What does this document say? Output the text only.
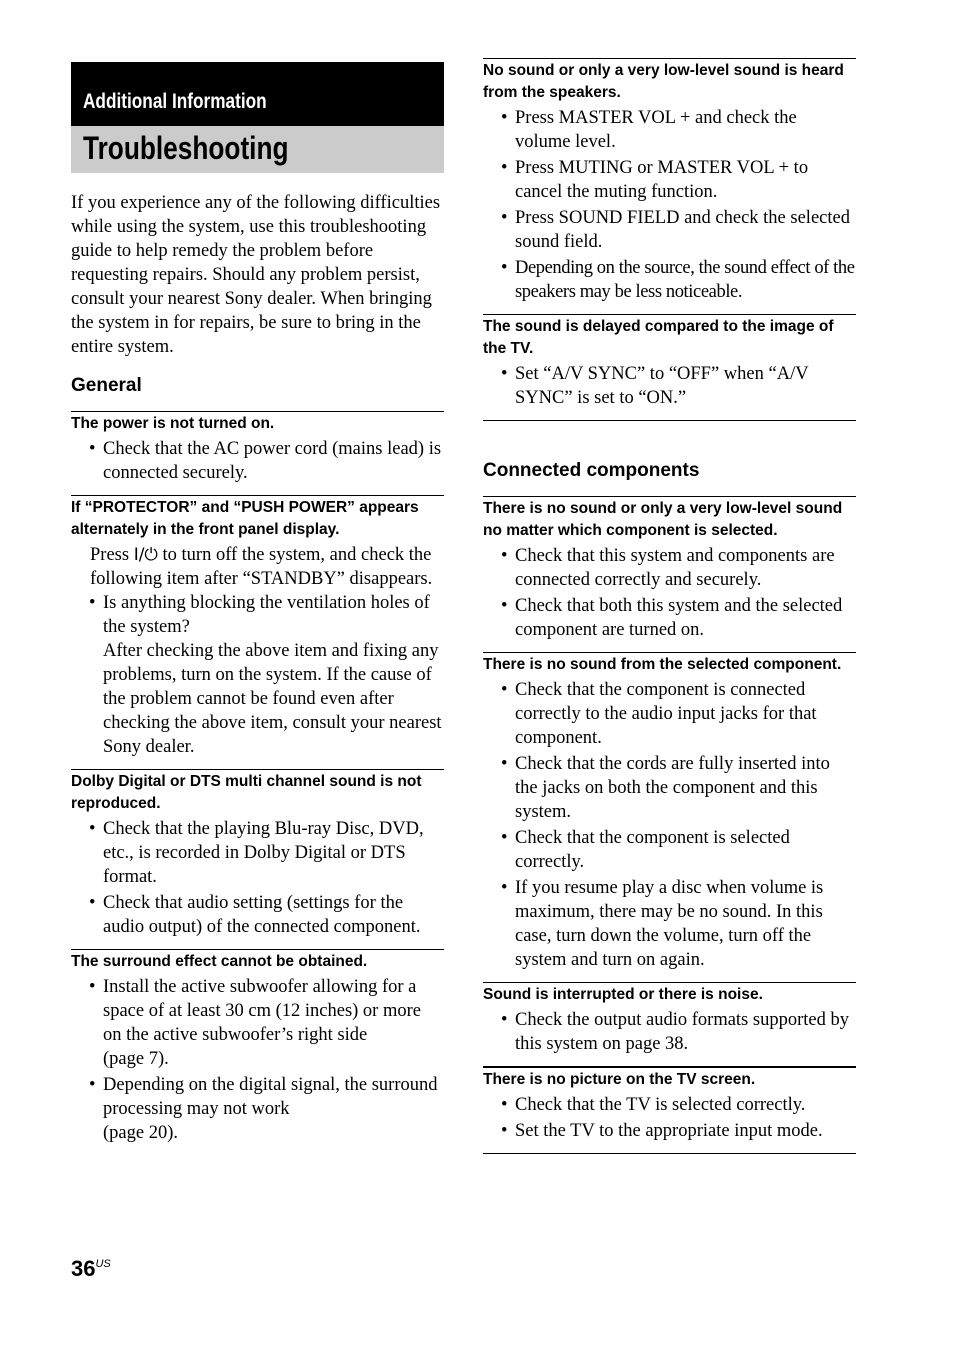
Additional Information
Troubleshooting
If you experience any of the following difficulties while using the system, use this troubleshooting guide to help remedy the problem before requesting repairs. Should any problem persist, consult your nearest Sony dealer. When bringing the system in for repairs, be sure to bring in the entire system.
General
The power is not turned on.
• Check that the AC power cord (mains lead) is connected securely.
If “PROTECTOR” and “PUSH POWER” appears alternately in the front panel display.
Press I/⏻ to turn off the system, and check the following item after “STANDBY” disappears.
• Is anything blocking the ventilation holes of the system?
After checking the above item and fixing any problems, turn on the system. If the cause of the problem cannot be found even after checking the above item, consult your nearest Sony dealer.
Dolby Digital or DTS multi channel sound is not reproduced.
• Check that the playing Blu-ray Disc, DVD, etc., is recorded in Dolby Digital or DTS format.
• Check that audio setting (settings for the audio output) of the connected component.
The surround effect cannot be obtained.
• Install the active subwoofer allowing for a space of at least 30 cm (12 inches) or more on the active subwoofer’s right side
(page 7).
• Depending on the digital signal, the surround processing may not work
(page 20).
No sound or only a very low-level sound is heard from the speakers.
• Press MASTER VOL + and check the volume level.
• Press MUTING or MASTER VOL + to cancel the muting function.
• Press SOUND FIELD and check the selected sound field.
• Depending on the source, the sound effect of the speakers may be less noticeable.
The sound is delayed compared to the image of the TV.
• Set “A/V SYNC” to “OFF” when “A/V SYNC” is set to “ON.”
Connected components
There is no sound or only a very low-level sound no matter which component is selected.
• Check that this system and components are connected correctly and securely.
• Check that both this system and the selected component are turned on.
There is no sound from the selected component.
• Check that the component is connected correctly to the audio input jacks for that component.
• Check that the cords are fully inserted into the jacks on both the component and this system.
• Check that the component is selected correctly.
• If you resume play a disc when volume is maximum, there may be no sound. In this case, turn down the volume, turn off the system and turn on again.
Sound is interrupted or there is noise.
• Check the output audio formats supported by this system on page 38.
There is no picture on the TV screen.
• Check that the TV is selected correctly.
• Set the TV to the appropriate input mode.
$36^{US}$
